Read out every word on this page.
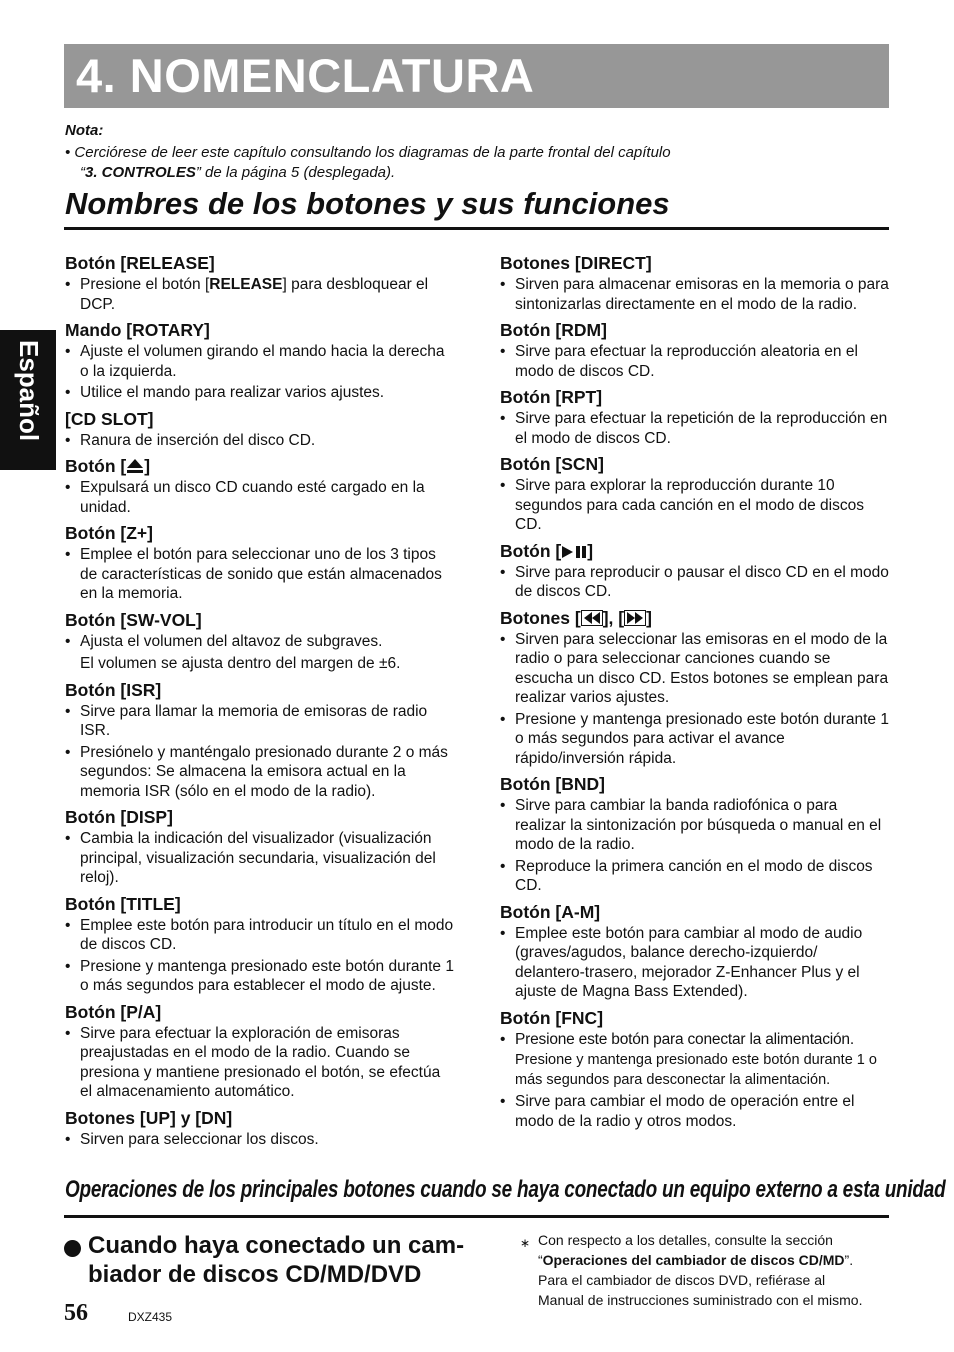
4. NOMENCLATURA
Español
Nota:
• Cerciórese de leer este capítulo consultando los diagramas de la parte frontal del capítulo
“3. CONTROLES” de la página 5 (desplegada).
Nombres de los botones y sus funciones
Botón [RELEASE]
• Presione el botón [RELEASE] para desbloquear el DCP.
Mando [ROTARY]
• Ajuste el volumen girando el mando hacia la derecha o la izquierda.
• Utilice el mando para realizar varios ajustes.
[CD SLOT]
• Ranura de inserción del disco CD.
Botón [ ]
• Expulsará un disco CD cuando esté cargado en la unidad.
Botón [Z+]
• Emplee el botón para seleccionar uno de los 3 tipos de características de sonido que están almacenados en la memoria.
Botón [SW-VOL]
• Ajusta el volumen del altavoz de subgraves.
El volumen se ajusta dentro del margen de ±6.
Botón [ISR]
• Sirve para llamar la memoria de emisoras de radio ISR.
• Presiónelo y manténgalo presionado durante 2 o más segundos: Se almacena la emisora actual en la memoria ISR (sólo en el modo de la radio).
Botón [DISP]
• Cambia la indicación del visualizador (visualización principal, visualización secundaria, visualización del reloj).
Botón [TITLE]
• Emplee este botón para introducir un título en el modo de discos CD.
• Presione y mantenga presionado este botón durante 1 o más segundos para establecer el modo de ajuste.
Botón [P/A]
• Sirve para efectuar la exploración de emisoras preajustadas en el modo de la radio. Cuando se presiona y mantiene presionado el botón, se efectúa el almacenamiento automático.
Botones [UP] y [DN]
• Sirven para seleccionar los discos.
Botones [DIRECT]
• Sirven para almacenar emisoras en la memoria o para sintonizarlas directamente en el modo de la radio.
Botón [RDM]
• Sirve para efectuar la reproducción aleatoria en el modo de discos CD.
Botón [RPT]
• Sirve para efectuar la repetición de la reproducción en el modo de discos CD.
Botón [SCN]
• Sirve para explorar la reproducción durante 10 segundos para cada canción en el modo de discos CD.
Botón [ ]
• Sirve para reproducir o pausar el disco CD en el modo de discos CD.
Botones [ ], [ ]
• Sirven para seleccionar las emisoras en el modo de la radio o para seleccionar canciones cuando se escucha un disco CD. Estos botones se emplean para realizar varios ajustes.
• Presione y mantenga presionado este botón durante 1 o más segundos para activar el avance rápido/inversión rápida.
Botón [BND]
• Sirve para cambiar la banda radiofónica o para realizar la sintonización por búsqueda o manual en el modo de la radio.
• Reproduce la primera canción en el modo de discos CD.
Botón [A-M]
• Emplee este botón para cambiar al modo de audio (graves/agudos, balance derecho-izquierdo/ delantero-trasero, mejorador Z-Enhancer Plus y el ajuste de Magna Bass Extended).
Botón [FNC]
• Presione este botón para conectar la alimentación.
Presione y mantenga presionado este botón durante 1 o más segundos para desconectar la alimentación.
• Sirve para cambiar el modo de operación entre el modo de la radio y otros modos.
Operaciones de los principales botones cuando se haya conectado un equipo externo a esta unidad
Cuando haya conectado un cam-
biador de discos CD/MD/DVD
∗ Con respecto a los detalles, consulte la sección
“Operaciones del cambiador de discos CD/MD”.
Para el cambiador de discos DVD, refiérase al
Manual de instrucciones suministrado con el mismo.
56	DXZ435
